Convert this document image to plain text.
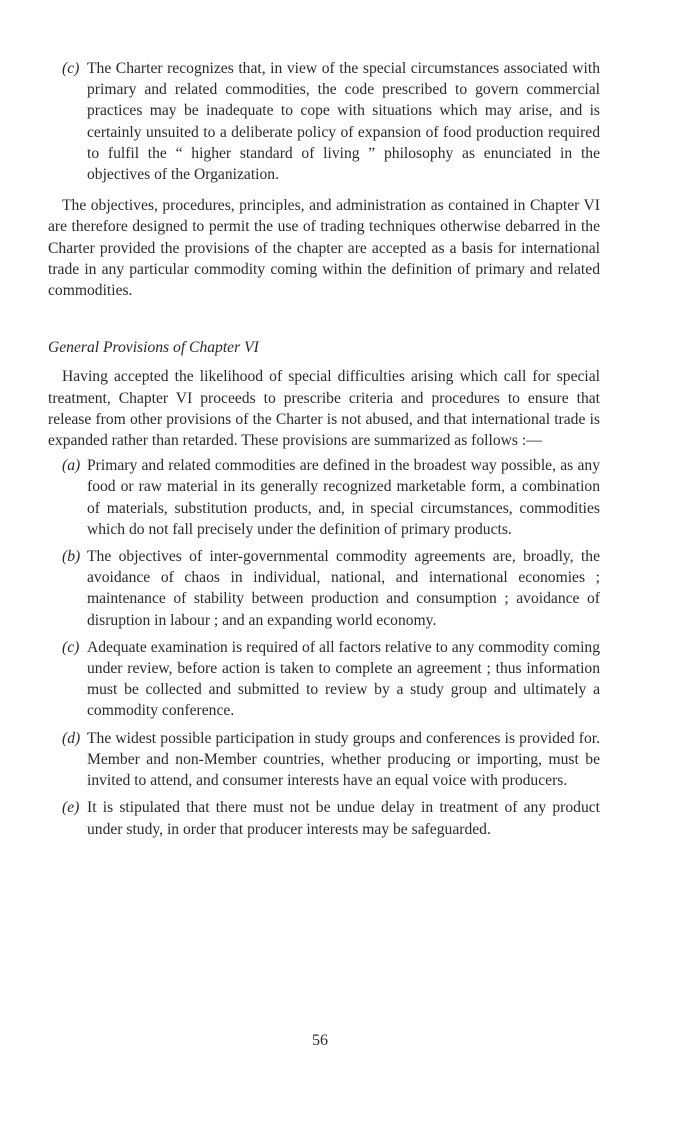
(c) The Charter recognizes that, in view of the special circumstances associated with primary and related commodities, the code prescribed to govern commercial practices may be inadequate to cope with situations which may arise, and is certainly unsuited to a deliberate policy of expansion of food production required to fulfil the “ higher standard of living ” philosophy as enunciated in the objectives of the Organization.

The objectives, procedures, principles, and administration as contained in Chapter VI are therefore designed to permit the use of trading techniques otherwise debarred in the Charter provided the provisions of the chapter are accepted as a basis for international trade in any particular commodity coming within the definition of primary and related commodities.

General Provisions of Chapter VI

Having accepted the likelihood of special difficulties arising which call for special treatment, Chapter VI proceeds to prescribe criteria and procedures to ensure that release from other provisions of the Charter is not abused, and that international trade is expanded rather than retarded. These provisions are summarized as follows :—

(a) Primary and related commodities are defined in the broadest way possible, as any food or raw material in its generally recognized marketable form, a combination of materials, substitution products, and, in special circumstances, commodities which do not fall precisely under the definition of primary products.

(b) The objectives of inter-governmental commodity agreements are, broadly, the avoidance of chaos in individual, national, and international economies ; maintenance of stability between production and consumption ; avoidance of disruption in labour ; and an expanding world economy.

(c) Adequate examination is required of all factors relative to any commodity coming under review, before action is taken to complete an agreement ; thus information must be collected and submitted to review by a study group and ultimately a commodity conference.

(d) The widest possible participation in study groups and conferences is provided for. Member and non-Member countries, whether producing or importing, must be invited to attend, and consumer interests have an equal voice with producers.

(e) It is stipulated that there must not be undue delay in treatment of any product under study, in order that producer interests may be safeguarded.

56
